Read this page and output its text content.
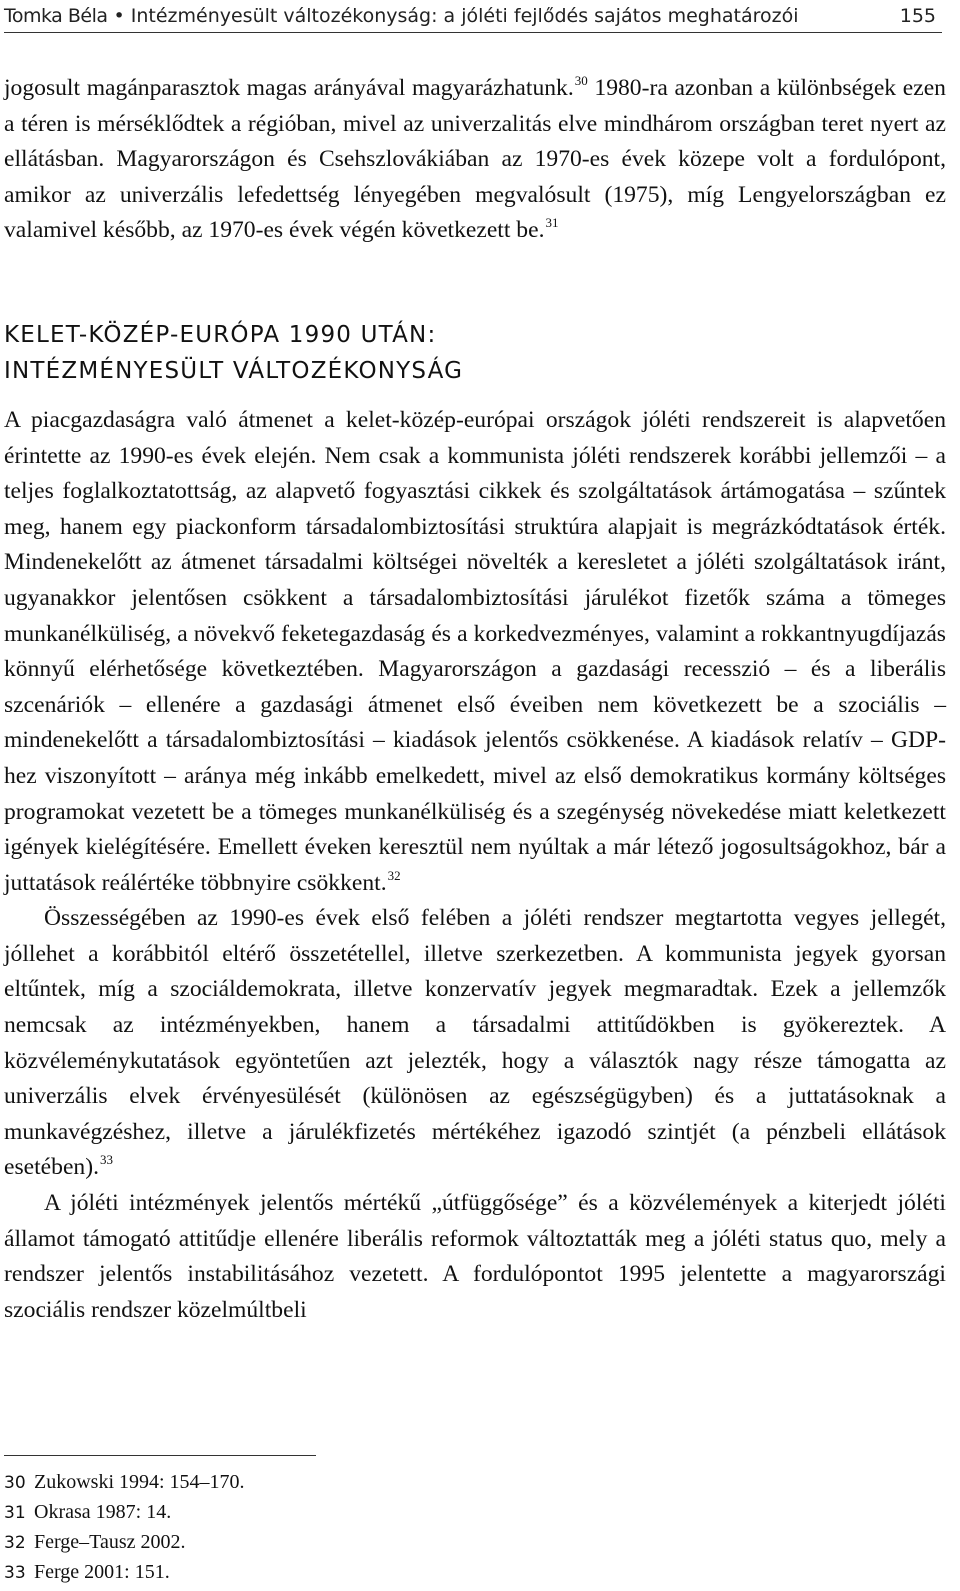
Tomka Béla • Intézményesült változékonyság: a jóléti fejlődés sajátos meghatározói	155

jogosult magánparasztok magas arányával magyarázhatunk.$^{30}$ 1980-ra azonban a különbségek ezen a téren is mérséklődtek a régióban, mivel az univerzalitás elve mindhárom országban teret nyert az ellátásban. Magyarországon és Csehszlovákiában az 1970-es évek közepe volt a fordulópont, amikor az univerzális lefedettség lényegében megvalósult (1975), míg Lengyelországban ez valamivel később, az 1970-es évek végén következett be.$^{31}$

KELET-KÖZÉP-EURÓPA 1990 UTÁN:
INTÉZMÉNYESÜLT VÁLTOZÉKONYSÁG

A piacgazdaságra való átmenet a kelet-közép-európai országok jóléti rendszereit is alapvetően érintette az 1990-es évek elején. Nem csak a kommunista jóléti rendszerek korábbi jellemzői – a teljes foglalkoztatottság, az alapvető fogyasztási cikkek és szolgáltatások ártámogatása – szűntek meg, hanem egy piackonform társadalombiztosítási struktúra alapjait is megrázkódtatások érték. Mindenekelőtt az átmenet társadalmi költségei növelték a keresletet a jóléti szolgáltatások iránt, ugyanakkor jelentősen csökkent a társadalombiztosítási járulékot fizetők száma a tömeges munkanélküliség, a növekvő feketegazdaság és a korkedvezményes, valamint a rokkantnyugdíjazás könnyű elérhetősége következtében. Magyarországon a gazdasági recesszió – és a liberális szcenáriók – ellenére a gazdasági átmenet első éveiben nem következett be a szociális – mindenekelőtt a társadalombiztosítási – kiadások jelentős csökkenése. A kiadások relatív – GDP-hez viszonyított – aránya még inkább emelkedett, mivel az első demokratikus kormány költséges programokat vezetett be a tömeges munkanélküliség és a szegénység növekedése miatt keletkezett igények kielégítésére. Emellett éveken keresztül nem nyúltak a már létező jogosultságokhoz, bár a juttatások reálértéke többnyire csökkent.$^{32}$

Összességében az 1990-es évek első felében a jóléti rendszer megtartotta vegyes jellegét, jóllehet a korábbitól eltérő összetétellel, illetve szerkezetben. A kommunista jegyek gyorsan eltűntek, míg a szociáldemokrata, illetve konzervatív jegyek megmaradtak. Ezek a jellemzők nemcsak az intézményekben, hanem a társadalmi attitűdökben is gyökereztek. A közvéleménykutatások egyöntetűen azt jelezték, hogy a választók nagy része támogatta az univerzális elvek érvényesülését (különösen az egészségügyben) és a juttatásoknak a munkavégzéshez, illetve a járulékfizetés mértékéhez igazodó szintjét (a pénzbeli ellátások esetében).$^{33}$

A jóléti intézmények jelentős mértékű „útfüggősége” és a közvélemények a kiterjedt jóléti államot támogató attitűdje ellenére liberális reformok változtatták meg a jóléti status quo, mely a rendszer jelentős instabilitásához vezetett. A fordulópontot 1995 jelentette a magyarországi szociális rendszer közelmúltbeli

30 Zukowski 1994: 154–170.
31 Okrasa 1987: 14.
32 Ferge–Tausz 2002.
33 Ferge 2001: 151.
